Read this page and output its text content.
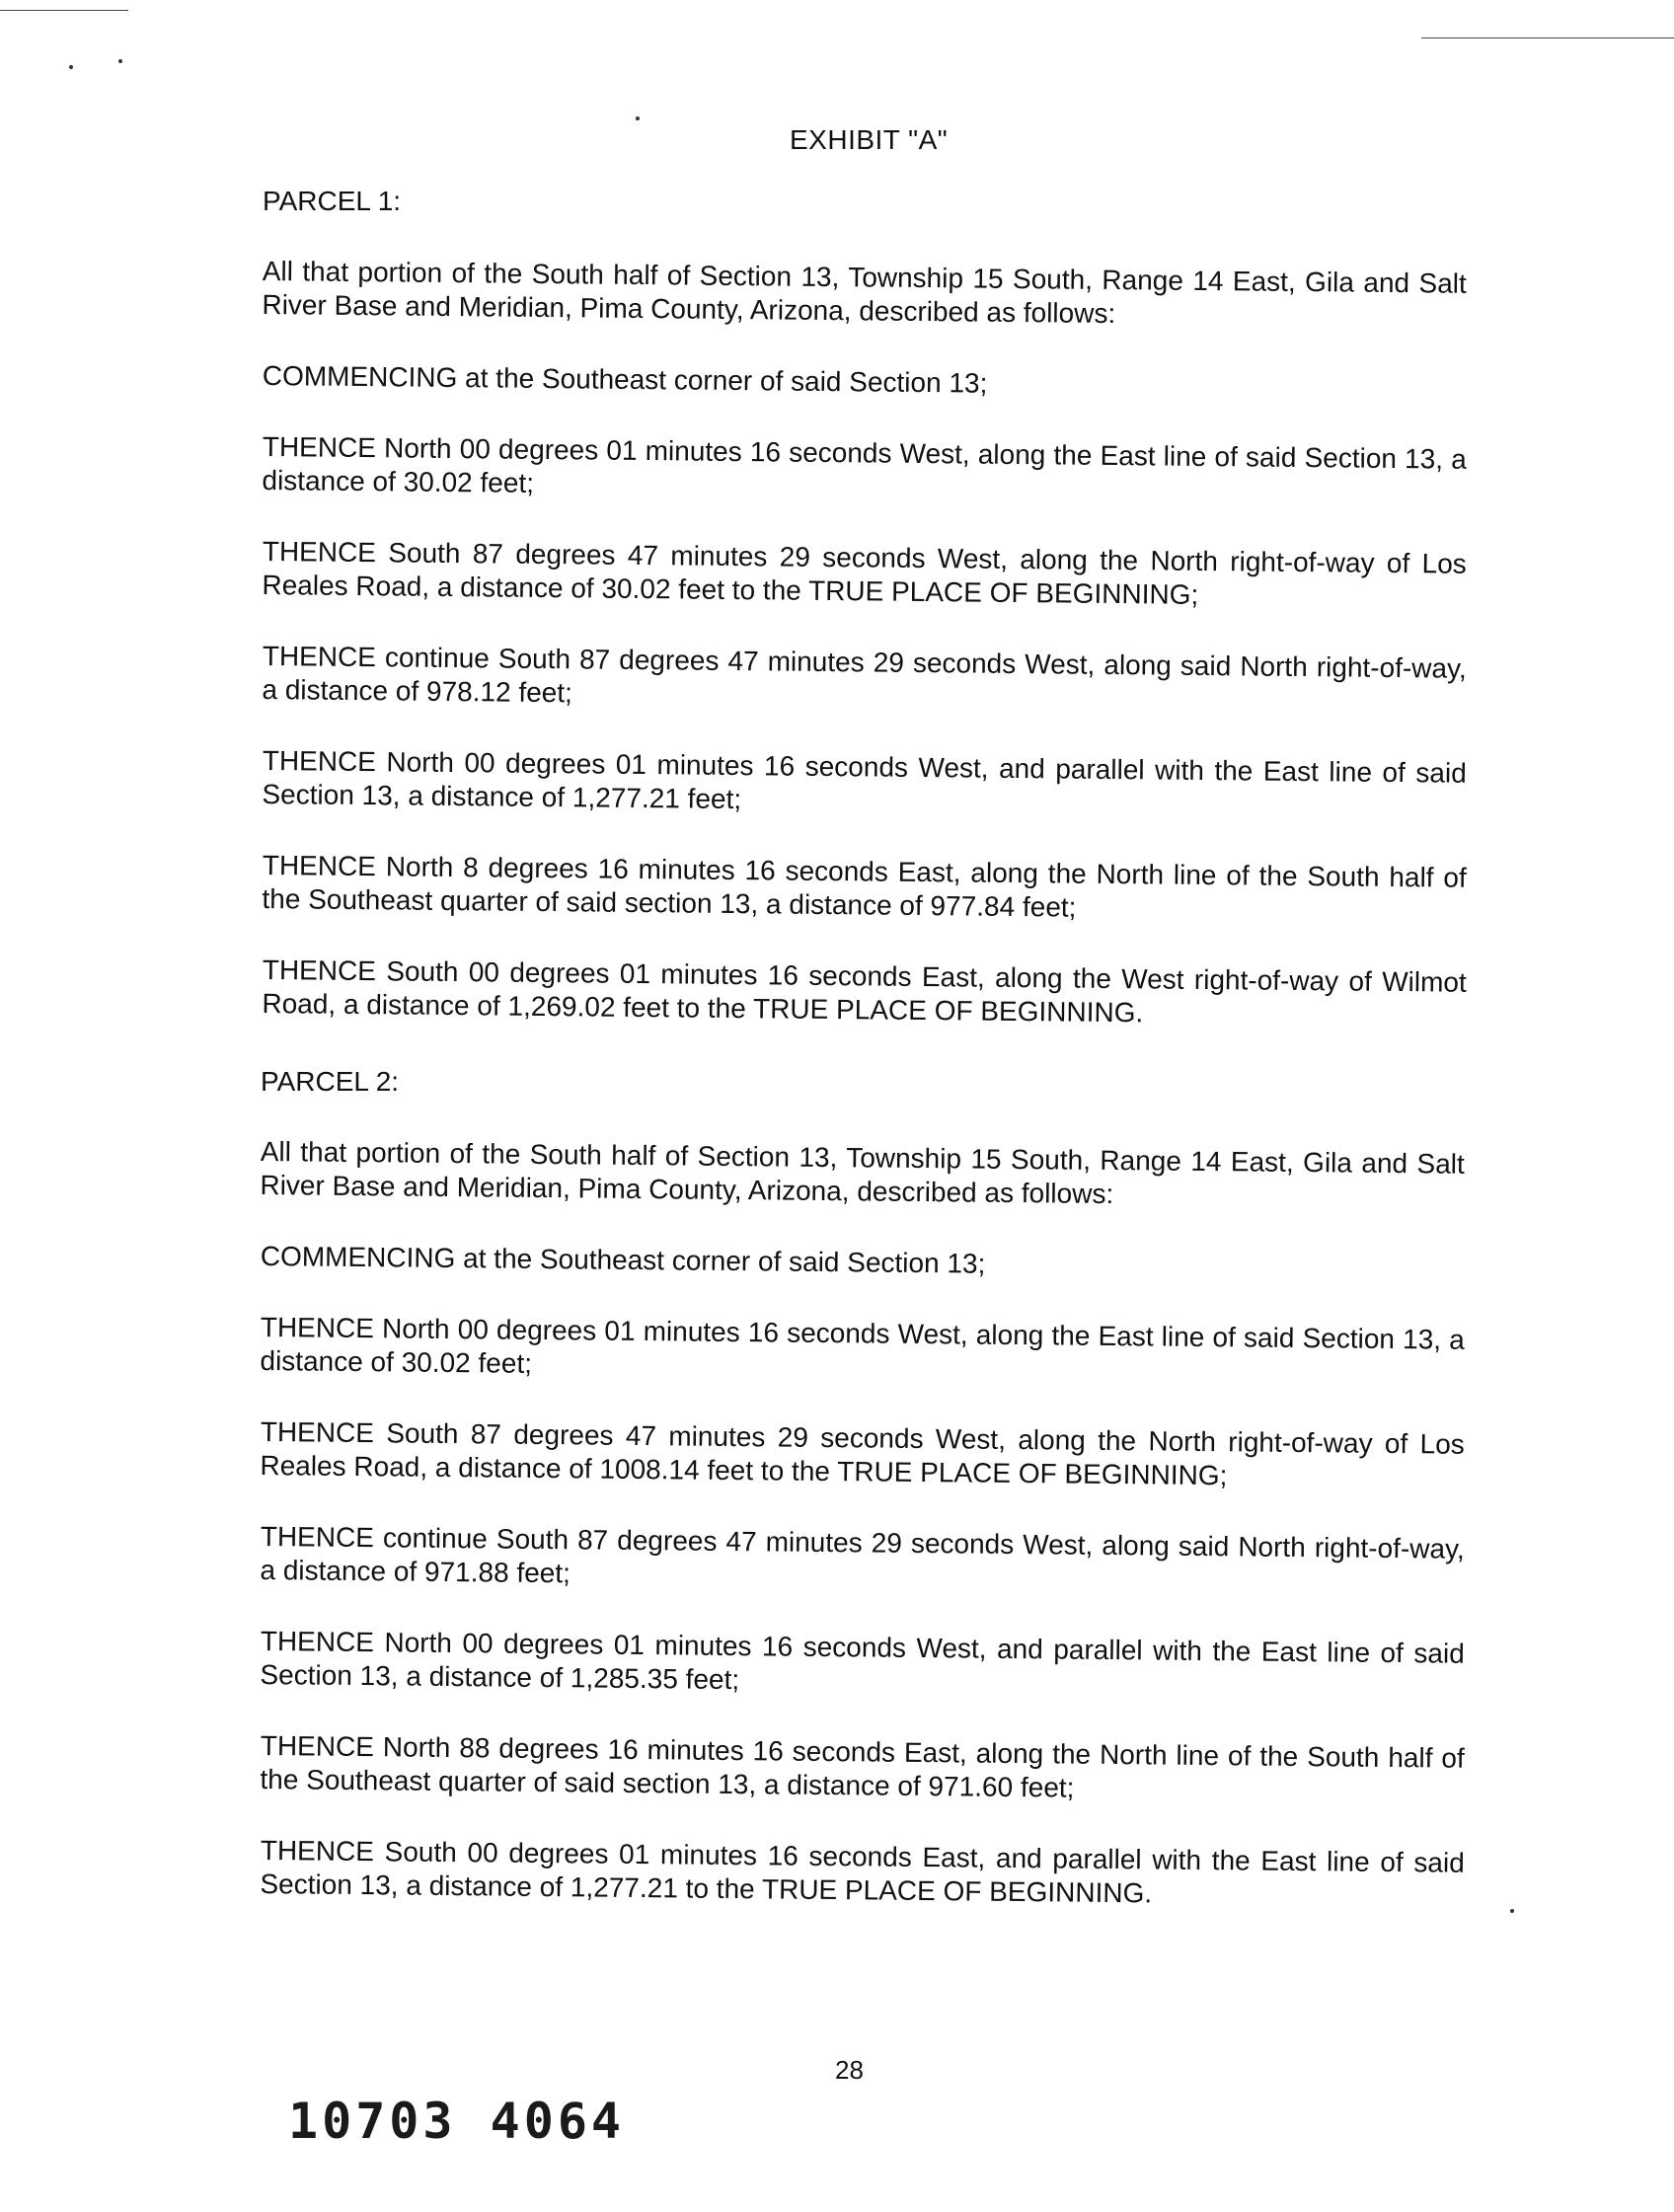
EXHIBIT "A"
PARCEL 1:

All that portion of the South half of Section 13, Township 15 South, Range 14 East, Gila and Salt River Base and Meridian, Pima County, Arizona, described as follows:

COMMENCING at the Southeast corner of said Section 13;

THENCE North 00 degrees 01 minutes 16 seconds West, along the East line of said Section 13, a distance of 30.02 feet;

THENCE South 87 degrees 47 minutes 29 seconds West, along the North right-of-way of Los Reales Road, a distance of 30.02 feet to the TRUE PLACE OF BEGINNING;

THENCE continue South 87 degrees 47 minutes 29 seconds West, along said North right-of-way, a distance of 978.12 feet;

THENCE North 00 degrees 01 minutes 16 seconds West, and parallel with the East line of said Section 13, a distance of 1,277.21 feet;

THENCE North 8 degrees 16 minutes 16 seconds East, along the North line of the South half of the Southeast quarter of said section 13, a distance of 977.84 feet;

THENCE South 00 degrees 01 minutes 16 seconds East, along the West right-of-way of Wilmot Road, a distance of 1,269.02 feet to the TRUE PLACE OF BEGINNING.

PARCEL 2:

All that portion of the South half of Section 13, Township 15 South, Range 14 East, Gila and Salt River Base and Meridian, Pima County, Arizona, described as follows:

COMMENCING at the Southeast corner of said Section 13;

THENCE North 00 degrees 01 minutes 16 seconds West, along the East line of said Section 13, a distance of 30.02 feet;

THENCE South 87 degrees 47 minutes 29 seconds West, along the North right-of-way of Los Reales Road, a distance of 1008.14 feet to the TRUE PLACE OF BEGINNING;

THENCE continue South 87 degrees 47 minutes 29 seconds West, along said North right-of-way, a distance of 971.88 feet;

THENCE North 00 degrees 01 minutes 16 seconds West, and parallel with the East line of said Section 13, a distance of 1,285.35 feet;

THENCE North 88 degrees 16 minutes 16 seconds East, along the North line of the South half of the Southeast quarter of said section 13, a distance of 971.60 feet;

THENCE South 00 degrees 01 minutes 16 seconds East, and parallel with the East line of said Section 13, a distance of 1,277.21 to the TRUE PLACE OF BEGINNING.

28
10703 4064
